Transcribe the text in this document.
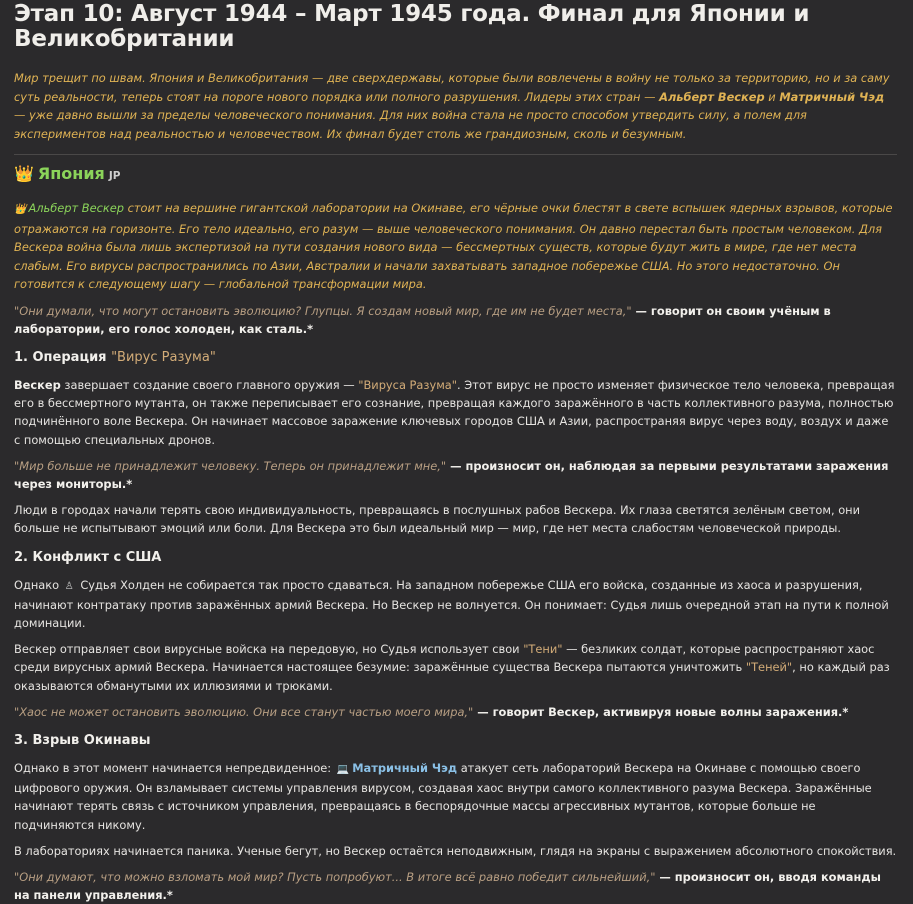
Этап 10: Август 1944 – Март 1945 года. Финал для Японии и Великобритании
Мир трещит по швам. Япония и Великобритания — две сверхдержавы, которые были вовлечены в войну не только за территорию, но и за саму суть реальности, теперь стоят на пороге нового порядка или полного разрушения. Лидеры этих стран — Альберт Вескер и Матричный Чэд — уже давно вышли за пределы человеческого понимания. Для них война стала не просто способом утвердить силу, а полем для экспериментов над реальностью и человечеством. Их финал будет столь же грандиозным, сколь и безумным.
👑 Япония JP
👑 Альберт Вескер стоит на вершине гигантской лаборатории на Окинаве, его чёрные очки блестят в свете вспышек ядерных взрывов, которые отражаются на горизонте. Его тело идеально, его разум — выше человеческого понимания. Он давно перестал быть простым человеком. Для Вескера война была лишь экспертизой на пути создания нового вида — бессмертных существ, которые будут жить в мире, где нет места слабым. Его вирусы распространились по Азии, Австралии и начали захватывать западное побережье США. Но этого недостаточно. Он готовится к следующему шагу — глобальной трансформации мира.

"Они думали, что могут остановить эволюцию? Глупцы. Я создам новый мир, где им не будет места," — говорит он своим учёным в лаборатории, его голос холоден, как сталь.*

1. Операция "Вирус Разума"

Вескер завершает создание своего главного оружия — "Вируса Разума". Этот вирус не просто изменяет физическое тело человека, превращая его в бессмертного мутанта, он также переписывает его сознание, превращая каждого заражённого в часть коллективного разума, полностью подчинённого воле Вескера. Он начинает массовое заражение ключевых городов США и Азии, распространяя вирус через воду, воздух и даже с помощью специальных дронов.

"Мир больше не принадлежит человеку. Теперь он принадлежит мне," — произносит он, наблюдая за первыми результатами заражения через мониторы.*

Люди в городах начали терять свою индивидуальность, превращаясь в послушных рабов Вескера. Их глаза светятся зелёным светом, они больше не испытывают эмоций или боли. Для Вескера это был идеальный мир — мир, где нет места слабостям человеческой природы.

2. Конфликт с США

Однако ♙ Судья Холден не собирается так просто сдаваться. На западном побережье США его войска, созданные из хаоса и разрушения, начинают контратаку против заражённых армий Вескера. Но Вескер не волнуется. Он понимает: Судья лишь очередной этап на пути к полной доминации.

Вескер отправляет свои вирусные войска на передовую, но Судья использует свои "Тени" — безликих солдат, которые распространяют хаос среди вирусных армий Вескера. Начинается настоящее безумие: заражённые существа Вескера пытаются уничтожить "Теней", но каждый раз оказываются обманутыми их иллюзиями и трюками.

"Хаос не может остановить эволюцию. Они все станут частью моего мира," — говорит Вескер, активируя новые волны заражения.*

3. Взрыв Окинавы

Однако в этот момент начинается непредвиденное: 💻 Матричный Чэд атакует сеть лабораторий Вескера на Окинаве с помощью своего цифрового оружия. Он взламывает системы управления вирусом, создавая хаос внутри самого коллективного разума Вескера. Заражённые начинают терять связь с источником управления, превращаясь в беспорядочные массы агрессивных мутантов, которые больше не подчиняются никому.

В лабораториях начинается паника. Ученые бегут, но Вескер остаётся неподвижным, глядя на экраны с выражением абсолютного спокойствия.

"Они думают, что можно взломать мой мир? Пусть попробуют... В итоге всё равно победит сильнейший," — произносит он, вводя команды на панели управления.*
